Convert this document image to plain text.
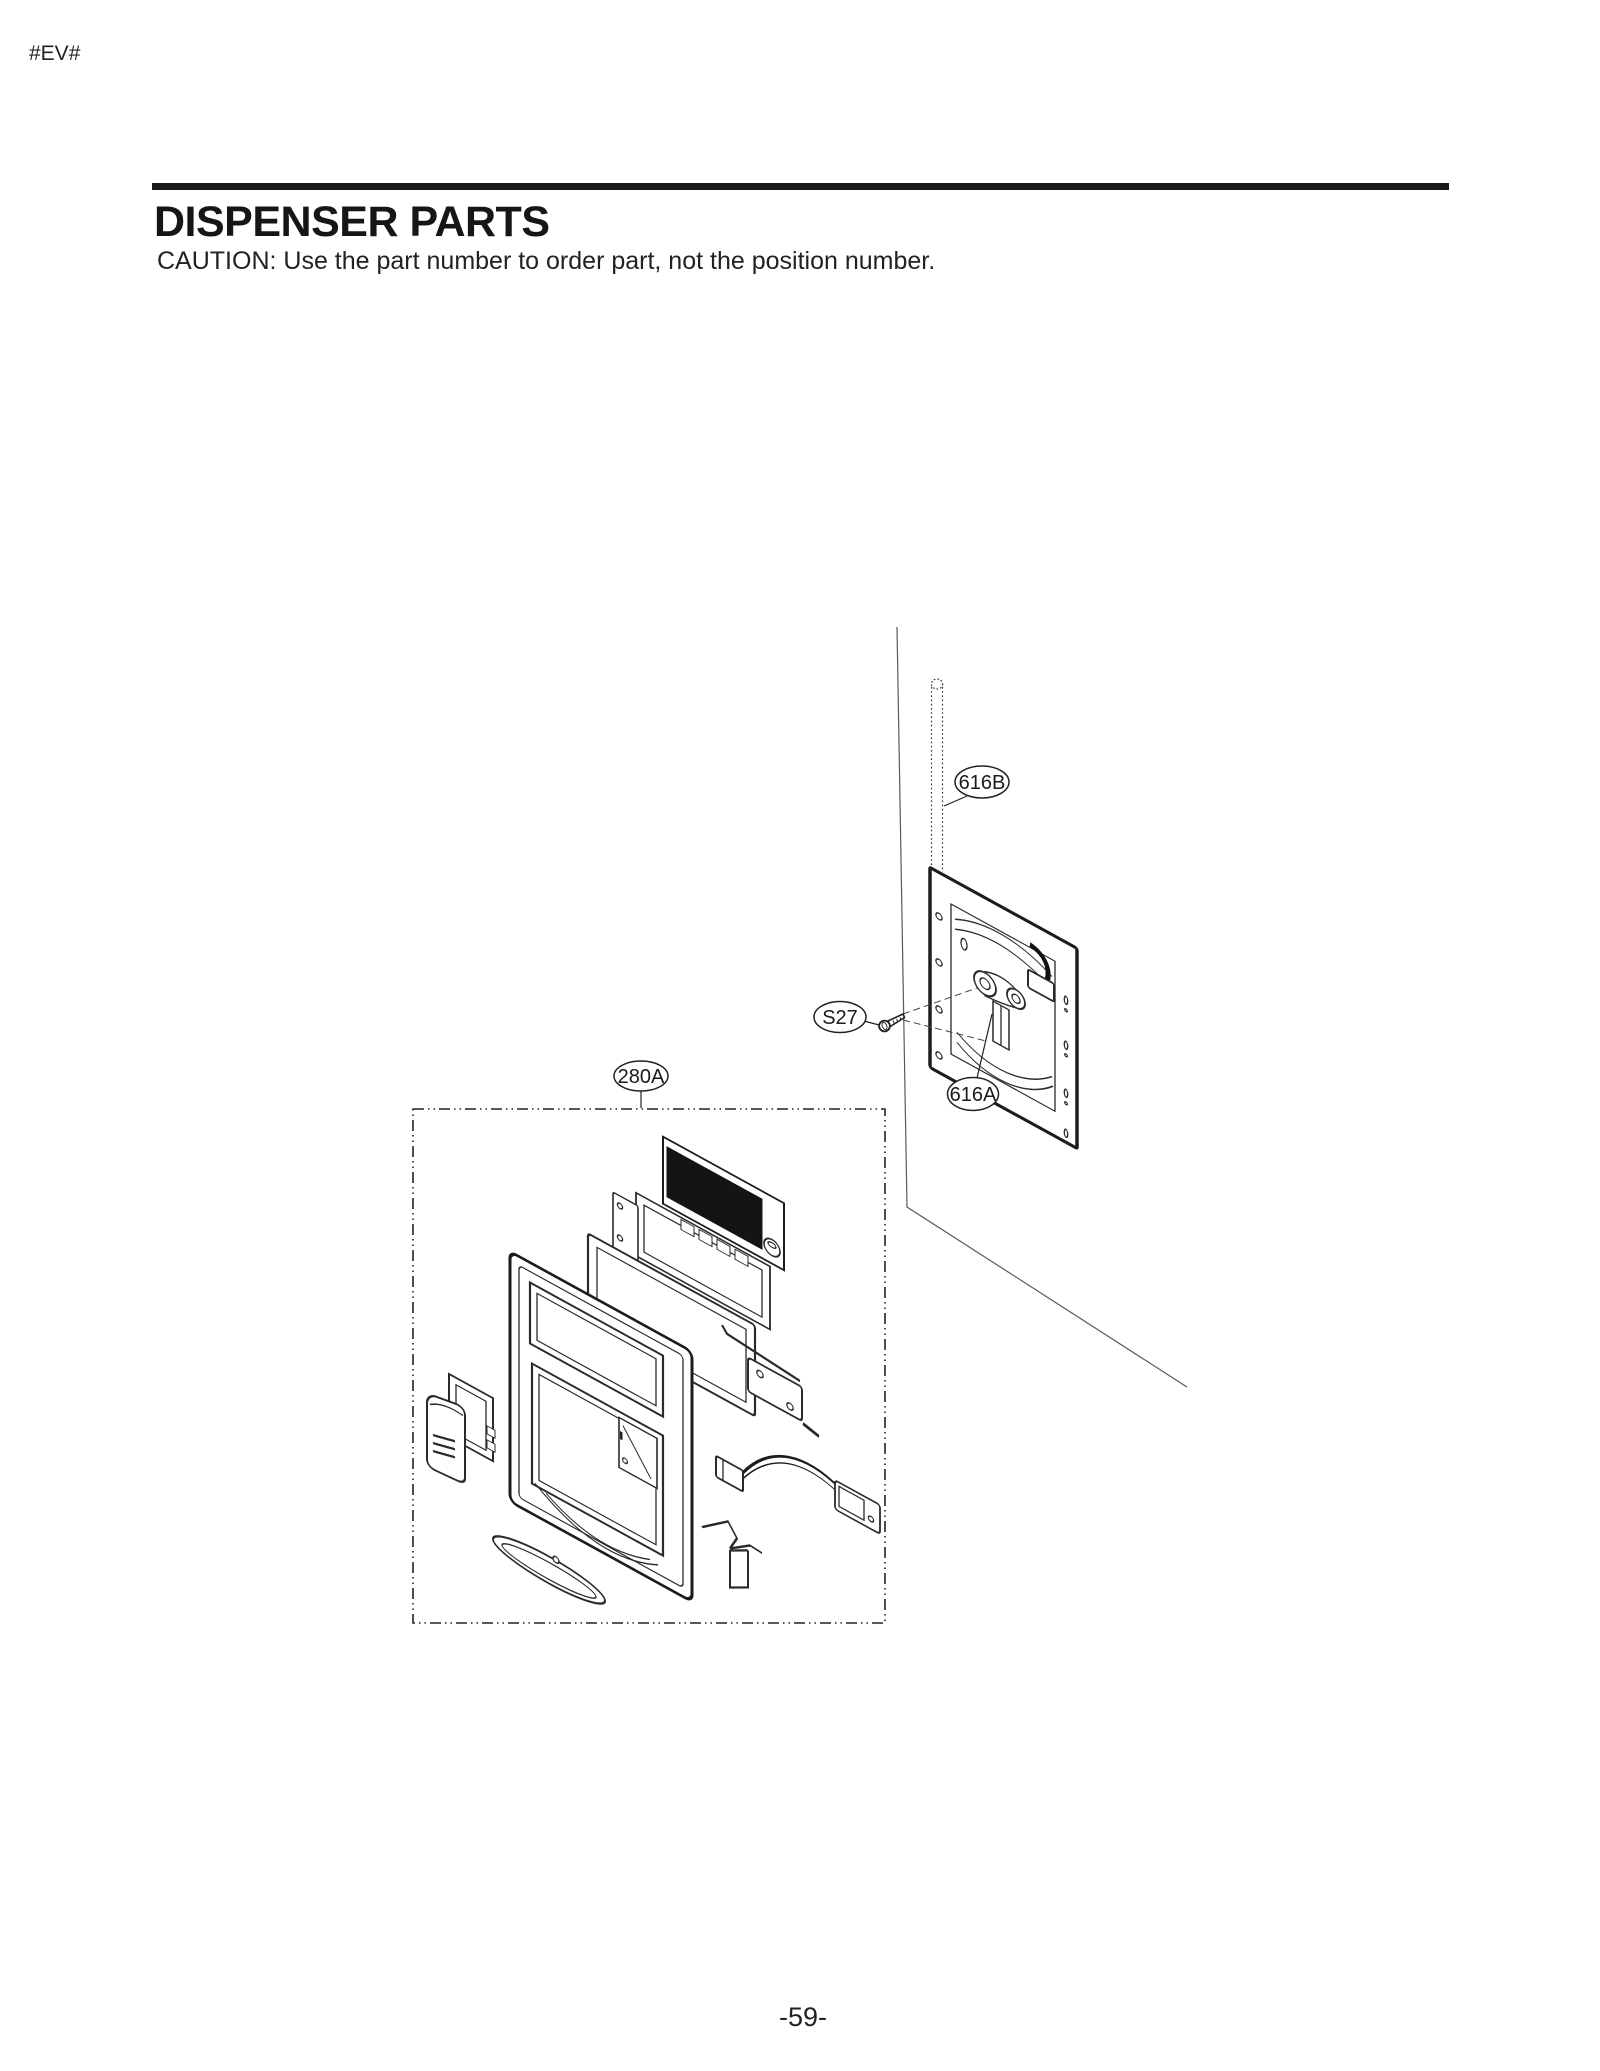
#EV#
DISPENSER PARTS
CAUTION: Use the part number to order part, not the position number.
616B
S27
280A
616A
-59-
